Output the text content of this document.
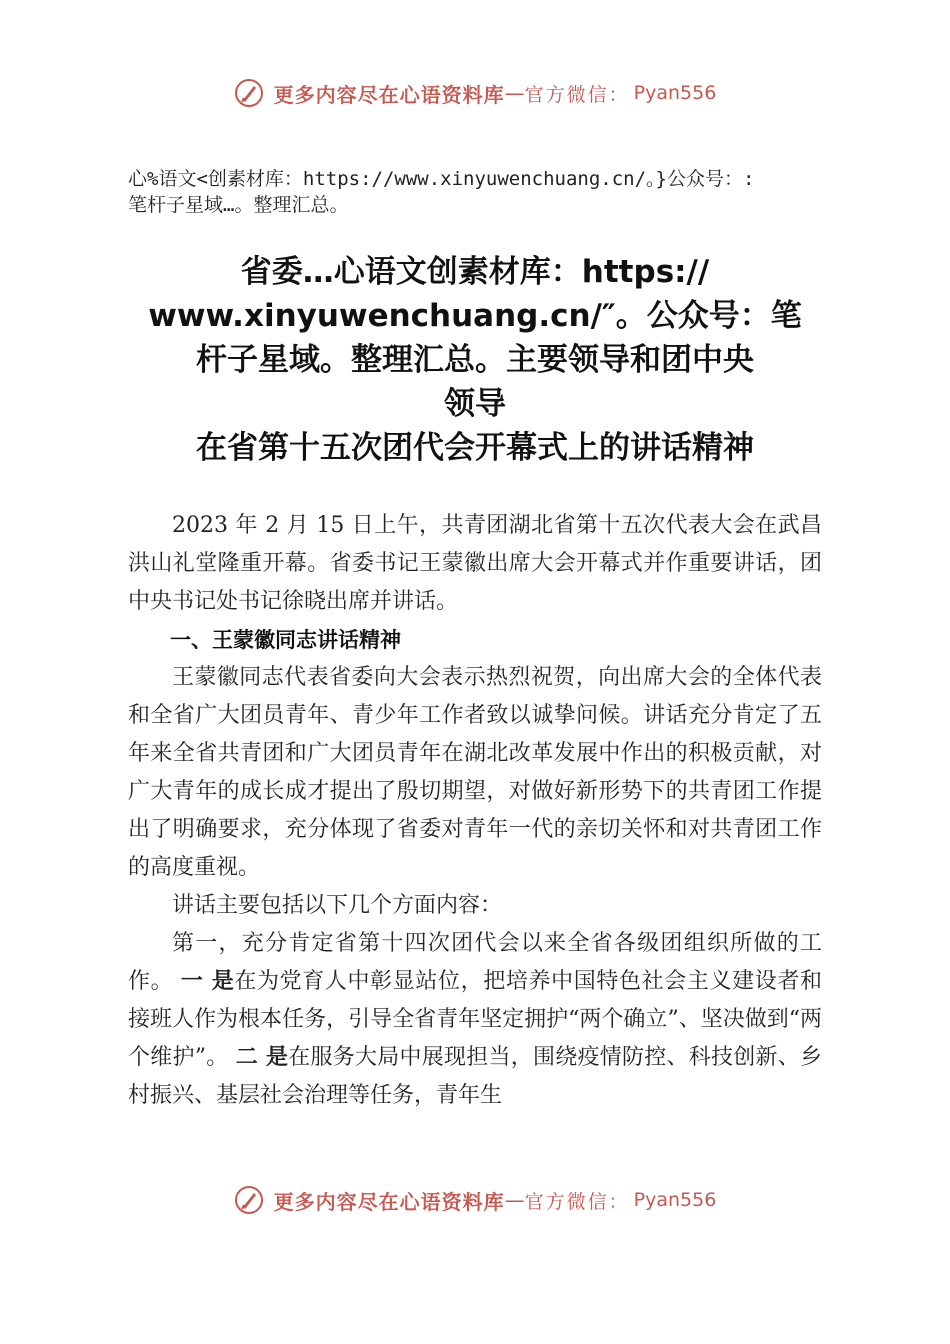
更多内容尽在心语资料库 — 官方微信： Pyan556
心%语文<创素材库：https://www.xinyuwenchuang.cn/。}公众号：:
笔杆子星域…。整理汇总。
省委…心语文创素材库：https://
www.xinyuwenchuang.cn/″。公众号：笔
杆子星域。整理汇总。主要领导和团中央
领导
在省第十五次团代会开幕式上的讲话精神

2023 年 2 月 15 日上午，共青团湖北省第十五次代表大会在武昌洪山礼堂隆重开幕。省委书记王蒙徽出席大会开幕式并作重要讲话，团中央书记处书记徐晓出席并讲话。

一、王蒙徽同志讲话精神

王蒙徽同志代表省委向大会表示热烈祝贺，向出席大会的全体代表和全省广大团员青年、青少年工作者致以诚挚问候。讲话充分肯定了五年来全省共青团和广大团员青年在湖北改革发展中作出的积极贡献，对广大青年的成长成才提出了殷切期望，对做好新形势下的共青团工作提出了明确要求，充分体现了省委对青年一代的亲切关怀和对共青团工作的高度重视。

讲话主要包括以下几个方面内容：

第一，充分肯定省第十四次团代会以来全省各级团组织所做的工作。 一 是在为党育人中彰显站位，把培养中国特色社会主义建设者和接班人作为根本任务，引导全省青年坚定拥护“两个确立”、坚决做到“两个维护”。 二 是在服务大局中展现担当，围绕疫情防控、科技创新、乡村振兴、基层社会治理等任务，青年生

更多内容尽在心语资料库 — 官方微信： Pyan556
